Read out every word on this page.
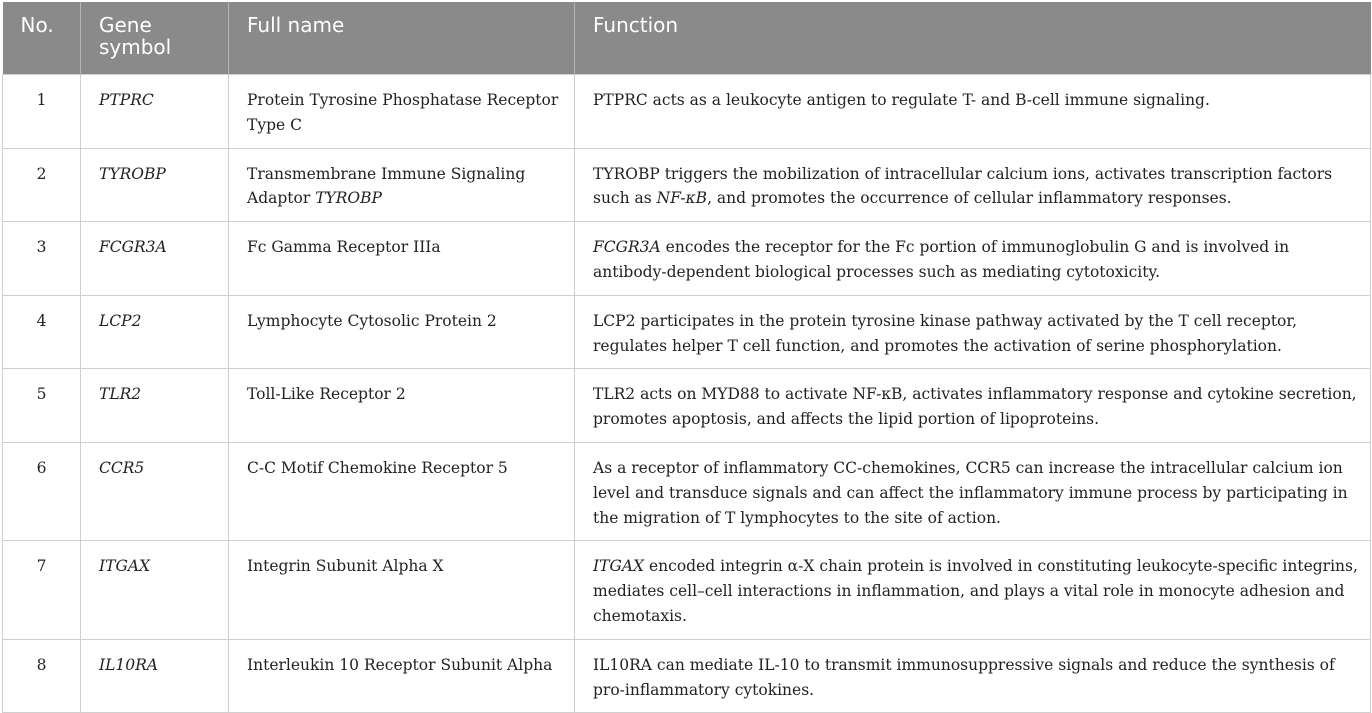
No.	Gene symbol	Full name	Function
1	PTPRC	Protein Tyrosine Phosphatase Receptor Type C	PTPRC acts as a leukocyte antigen to regulate T- and B-cell immune signaling.
2	TYROBP	Transmembrane Immune Signaling Adaptor TYROBP	TYROBP triggers the mobilization of intracellular calcium ions, activates transcription factors such as NF-κB, and promotes the occurrence of cellular inflammatory responses.
3	FCGR3A	Fc Gamma Receptor IIIa	FCGR3A encodes the receptor for the Fc portion of immunoglobulin G and is involved in antibody-dependent biological processes such as mediating cytotoxicity.
4	LCP2	Lymphocyte Cytosolic Protein 2	LCP2 participates in the protein tyrosine kinase pathway activated by the T cell receptor, regulates helper T cell function, and promotes the activation of serine phosphorylation.
5	TLR2	Toll-Like Receptor 2	TLR2 acts on MYD88 to activate NF-κB, activates inflammatory response and cytokine secretion, promotes apoptosis, and affects the lipid portion of lipoproteins.
6	CCR5	C-C Motif Chemokine Receptor 5	As a receptor of inflammatory CC-chemokines, CCR5 can increase the intracellular calcium ion level and transduce signals and can affect the inflammatory immune process by participating in the migration of T lymphocytes to the site of action.
7	ITGAX	Integrin Subunit Alpha X	ITGAX encoded integrin α-X chain protein is involved in constituting leukocyte-specific integrins, mediates cell–cell interactions in inflammation, and plays a vital role in monocyte adhesion and chemotaxis.
8	IL10RA	Interleukin 10 Receptor Subunit Alpha	IL10RA can mediate IL-10 to transmit immunosuppressive signals and reduce the synthesis of pro-inflammatory cytokines.
